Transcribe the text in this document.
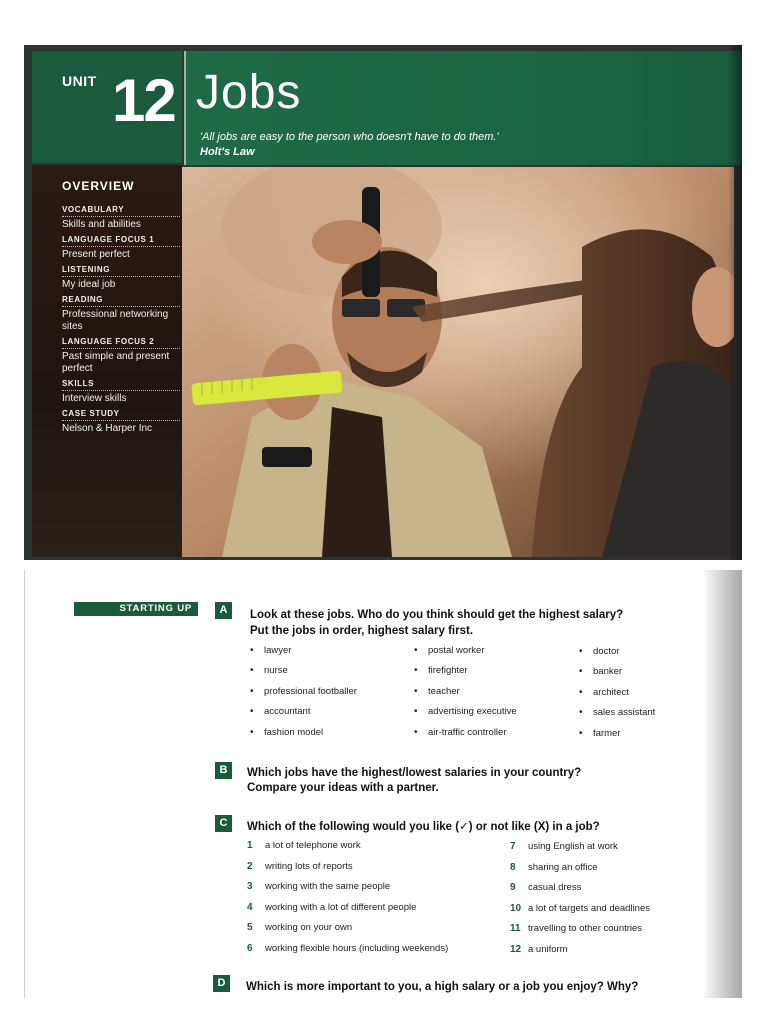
UNIT 12 Jobs
'All jobs are easy to the person who doesn't have to do them.'
Holt's Law
OVERVIEW
VOCABULARY
Skills and abilities
LANGUAGE FOCUS 1
Present perfect
LISTENING
My ideal job
READING
Professional networking sites
LANGUAGE FOCUS 2
Past simple and present perfect
SKILLS
Interview skills
CASE STUDY
Nelson & Harper Inc
STARTING UP	A	Look at these jobs. Who do you think should get the highest salary?
Put the jobs in order, highest salary first.
• lawyer
• nurse
• professional footballer
• accountant
• fashion model
• postal worker
• firefighter
• teacher
• advertising executive
• air-traffic controller
• doctor
• banker
• architect
• sales assistant
• farmer
B	Which jobs have the highest/lowest salaries in your country?
Compare your ideas with a partner.
C	Which of the following would you like (✓) or not like (X) in a job?
1 a lot of telephone work
2 writing lots of reports
3 working with the same people
4 working with a lot of different people
5 working on your own
6 working flexible hours (including weekends)
7 using English at work
8 sharing an office
9 casual dress
10 a lot of targets and deadlines
11 travelling to other countries
12 a uniform
D	Which is more important to you, a high salary or a job you enjoy? Why?
